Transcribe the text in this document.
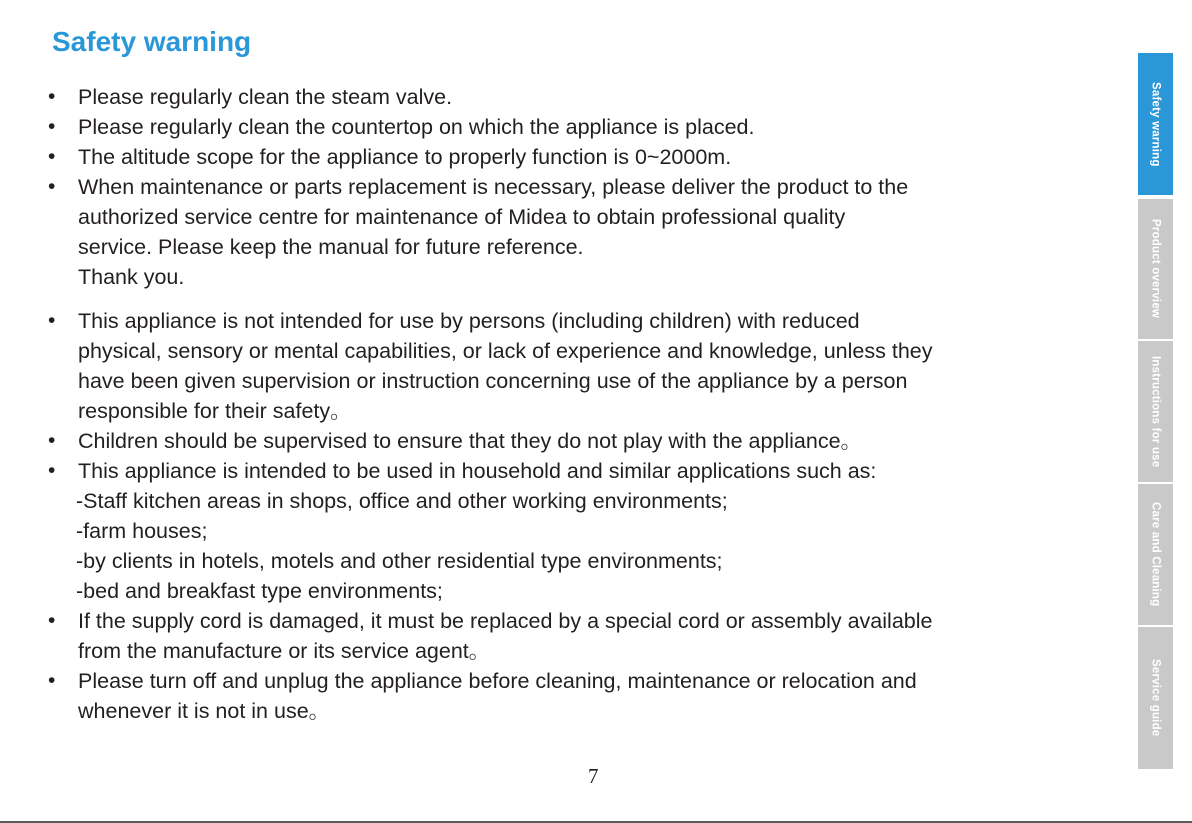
Safety warning
• Please regularly clean the steam valve.
• Please regularly clean the countertop on which the appliance is placed.
• The altitude scope for the appliance to properly function is 0~2000m.
• When maintenance or parts replacement is necessary, please deliver the product to the
authorized service centre for maintenance of Midea to obtain professional quality
service. Please keep the manual for future reference.
Thank you.
• This appliance is not intended for use by persons (including children) with reduced
physical, sensory or mental capabilities, or lack of experience and knowledge, unless they
have been given supervision or instruction concerning use of the appliance by a person
responsible for their safety。
• Children should be supervised to ensure that they do not play with the appliance。
• This appliance is intended to be used in household and similar applications such as:
-Staff kitchen areas in shops, office and other working environments;
-farm houses;
-by clients in hotels, motels and other residential type environments;
-bed and breakfast type environments;
• If the supply cord is damaged, it must be replaced by a special cord or assembly available
from the manufacture or its service agent。
• Please turn off and unplug the appliance before cleaning, maintenance or relocation and
whenever it is not in use。
7
Safety warning
Product overview
Instructions for use
Care and Cleaning
Service guide
